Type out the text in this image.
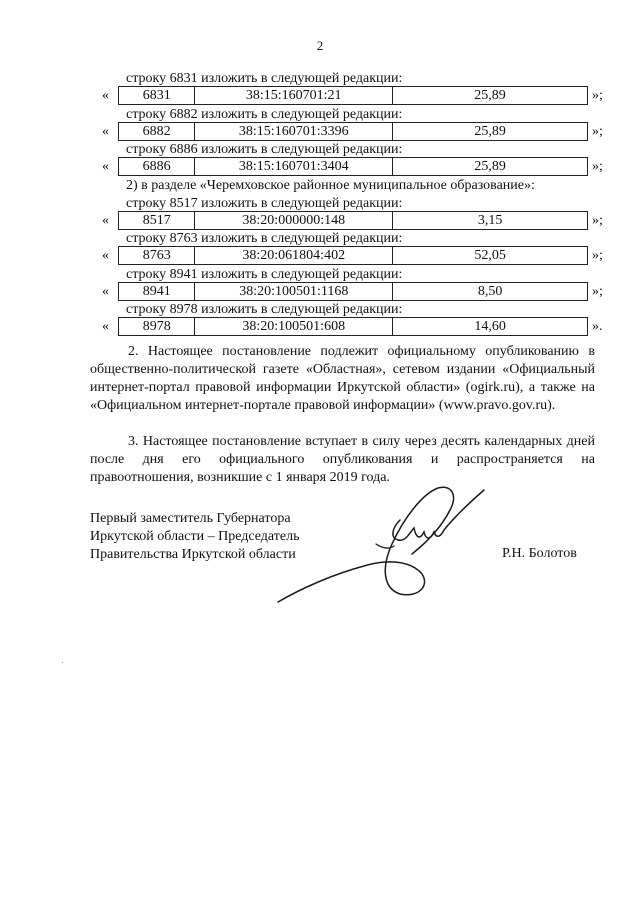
2
строку 6831 изложить в следующей редакции:
« 6831	38:15:160701:21	25,89	»;
строку 6882 изложить в следующей редакции:
« 6882	38:15:160701:3396	25,89	»;
строку 6886 изложить в следующей редакции:
« 6886	38:15:160701:3404	25,89	»;
2) в разделе «Черемховское районное муниципальное образование»:
строку 8517 изложить в следующей редакции:
« 8517	38:20:000000:148	3,15	»;
строку 8763 изложить в следующей редакции:
« 8763	38:20:061804:402	52,05	»;
строку 8941 изложить в следующей редакции:
« 8941	38:20:100501:1168	8,50	»;
строку 8978 изложить в следующей редакции:
« 8978	38:20:100501:608	14,60	».

2. Настоящее постановление подлежит официальному опубликованию в общественно-политической газете «Областная», сетевом издании «Официальный интернет-портал правовой информации Иркутской области» (ogirk.ru), а также на «Официальном интернет-портале правовой информации» (www.pravo.gov.ru).

3. Настоящее постановление вступает в силу через десять календарных дней после дня его официального опубликования и распространяется на правоотношения, возникшие с 1 января 2019 года.

Первый заместитель Губернатора
Иркутской области – Председатель
Правительства Иркутской области	Р.Н. Болотов
